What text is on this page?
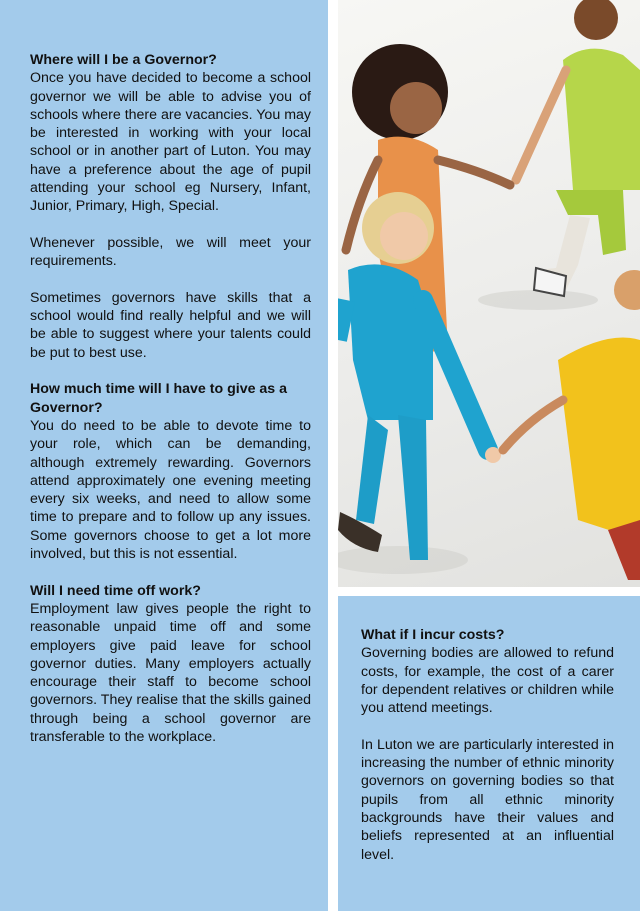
Where will I be a Governor?

Once you have decided to become a school governor we will be able to advise you of schools where there are vacancies. You may be interested in working with your local school or in another part of Luton. You may have a preference about the age of pupil attending your school eg Nursery, Infant, Junior, Primary, High, Special.

Whenever possible, we will meet your requirements.

Sometimes governors have skills that a school would find really helpful and we will be able to suggest where your talents could be put to best use.

How much time will I have to give as a Governor?

You do need to be able to devote time to your role, which can be demanding, although extremely rewarding. Governors attend approximately one evening meeting every six weeks, and need to allow some time to prepare and to follow up any issues. Some governors choose to get a lot more involved, but this is not essential.

Will I need time off work?

Employment law gives people the right to reasonable unpaid time off and some employers give paid leave for school governor duties. Many employers actually encourage their staff to become school governors. They realise that the skills gained through being a school governor are transferable to the workplace.

What if I incur costs?

Governing bodies are allowed to refund costs, for example, the cost of a carer for dependent relatives or children while you attend meetings.

In Luton we are particularly interested in increasing the number of ethnic minority governors on governing bodies so that pupils from all ethnic minority backgrounds have their values and beliefs represented at an influential level.
